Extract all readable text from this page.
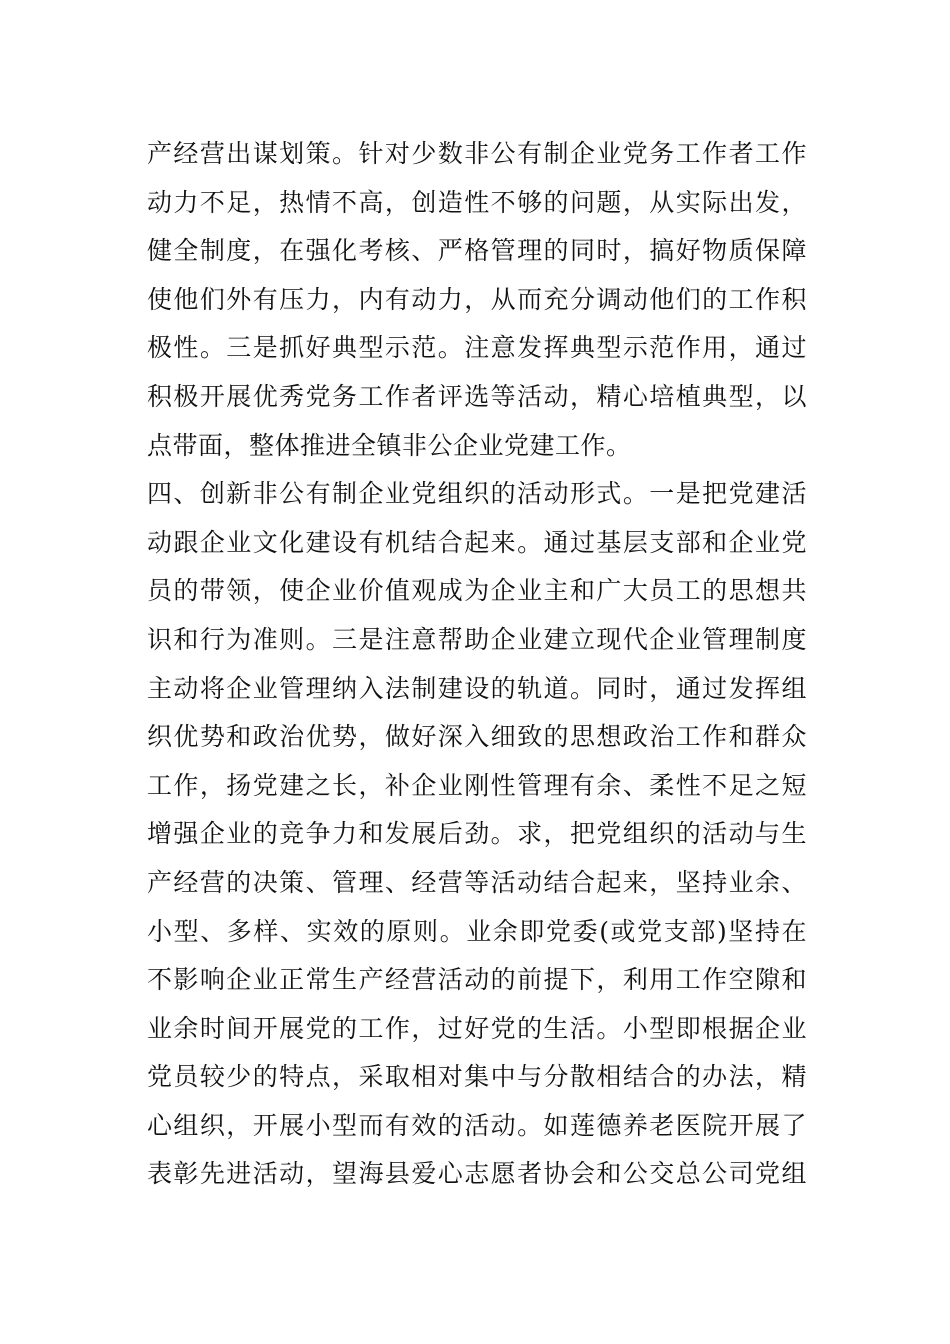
产经营出谋划策。针对少数非公有制企业党务工作者工作
动力不足，热情不高，创造性不够的问题，从实际出发，
健全制度，在强化考核、严格管理的同时，搞好物质保障
使他们外有压力，内有动力，从而充分调动他们的工作积
极性。三是抓好典型示范。注意发挥典型示范作用，通过
积极开展优秀党务工作者评选等活动，精心培植典型，以
点带面，整体推进全镇非公企业党建工作。
四、创新非公有制企业党组织的活动形式。一是把党建活
动跟企业文化建设有机结合起来。通过基层支部和企业党
员的带领，使企业价值观成为企业主和广大员工的思想共
识和行为准则。三是注意帮助企业建立现代企业管理制度
主动将企业管理纳入法制建设的轨道。同时，通过发挥组
织优势和政治优势，做好深入细致的思想政治工作和群众
工作，扬党建之长，补企业刚性管理有余、柔性不足之短
增强企业的竞争力和发展后劲。求，把党组织的活动与生
产经营的决策、管理、经营等活动结合起来，坚持业余、
小型、多样、实效的原则。业余即党委(或党支部)坚持在
不影响企业正常生产经营活动的前提下，利用工作空隙和
业余时间开展党的工作，过好党的生活。小型即根据企业
党员较少的特点，采取相对集中与分散相结合的办法，精
心组织，开展小型而有效的活动。如莲德养老医院开展了
表彰先进活动，望海县爱心志愿者协会和公交总公司党组
